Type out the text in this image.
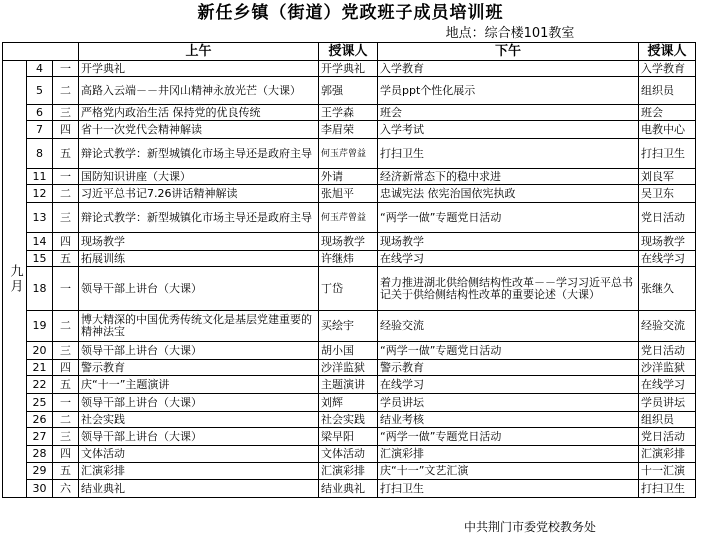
新任乡镇（街道）党政班子成员培训班
地点：综合楼101教室
			上午	授课人	下午	授课人
九月	4	一	开学典礼	开学典礼	入学教育	入学教育
	5	二	高路入云端－－井冈山精神永放光芒（大课）	郭强	学员ppt个性化展示	组织员
	6	三	严格党内政治生活 保持党的优良传统	王学森	班会	班会
	7	四	省十一次党代会精神解读	李眉荣	入学考试	电教中心
	8	五	辩论式教学：新型城镇化市场主导还是政府主导	何玉芹曾益	打扫卫生	打扫卫生
	11	一	国防知识讲座（大课）	外请	经济新常态下的稳中求进	刘良军
	12	二	习近平总书记7.26讲话精神解读	张旭平	忠诚宪法 依宪治国依宪执政	吴卫东
	13	三	辩论式教学：新型城镇化市场主导还是政府主导	何玉芹曾益	“两学一做”专题党日活动	党日活动
	14	四	现场教学	现场教学	现场教学	现场教学
	15	五	拓展训练	许继炜	在线学习	在线学习
	18	一	领导干部上讲台（大课）	丁岱	着力推进湖北供给侧结构性改革－－学习习近平总书记关于供给侧结构性改革的重要论述（大课）	张继久
	19	二	博大精深的中国优秀传统文化是基层党建重要的精神法宝	买绘宇	经验交流	经验交流
	20	三	领导干部上讲台（大课）	胡小国	“两学一做”专题党日活动	党日活动
	21	四	警示教育	沙洋监狱	警示教育	沙洋监狱
	22	五	庆“十一”主题演讲	主题演讲	在线学习	在线学习
	25	一	领导干部上讲台（大课）	刘辉	学员讲坛	学员讲坛
	26	二	社会实践	社会实践	结业考核	组织员
	27	三	领导干部上讲台（大课）	梁早阳	“两学一做”专题党日活动	党日活动
	28	四	文体活动	文体活动	汇演彩排	汇演彩排
	29	五	汇演彩排	汇演彩排	庆“十一”文艺汇演	十一汇演
	30	六	结业典礼	结业典礼	打扫卫生	打扫卫生
中共荆门市委党校教务处
